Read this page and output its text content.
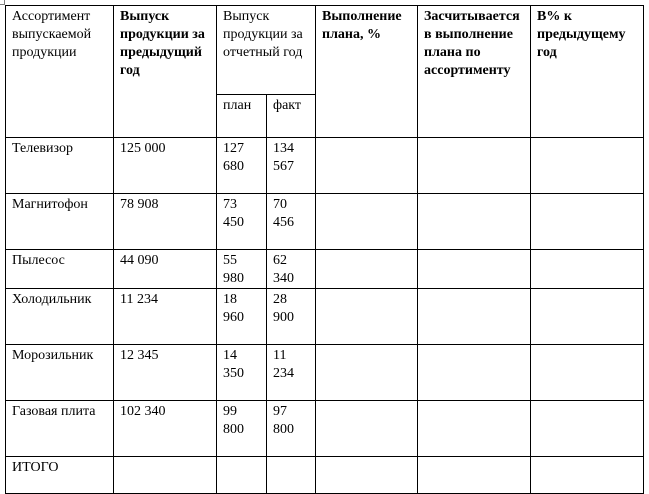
Ассортимент выпускаемой продукции	Выпуск продукции за предыдущий год	Выпуск продукции за отчетный год		Выполнение плана, %	Засчитывается в выполнение плана по ассортименту	В% к предыдущему год
		план	факт			
Телевизор	125 000	127 680	134 567			
Магнитофон	78 908	73 450	70 456			
Пылесос	44 090	55 980	62 340			
Холодильник	11 234	18 960	28 900			
Морозильник	12 345	14 350	11 234			
Газовая плита	102 340	99 800	97 800			
ИТОГО						
